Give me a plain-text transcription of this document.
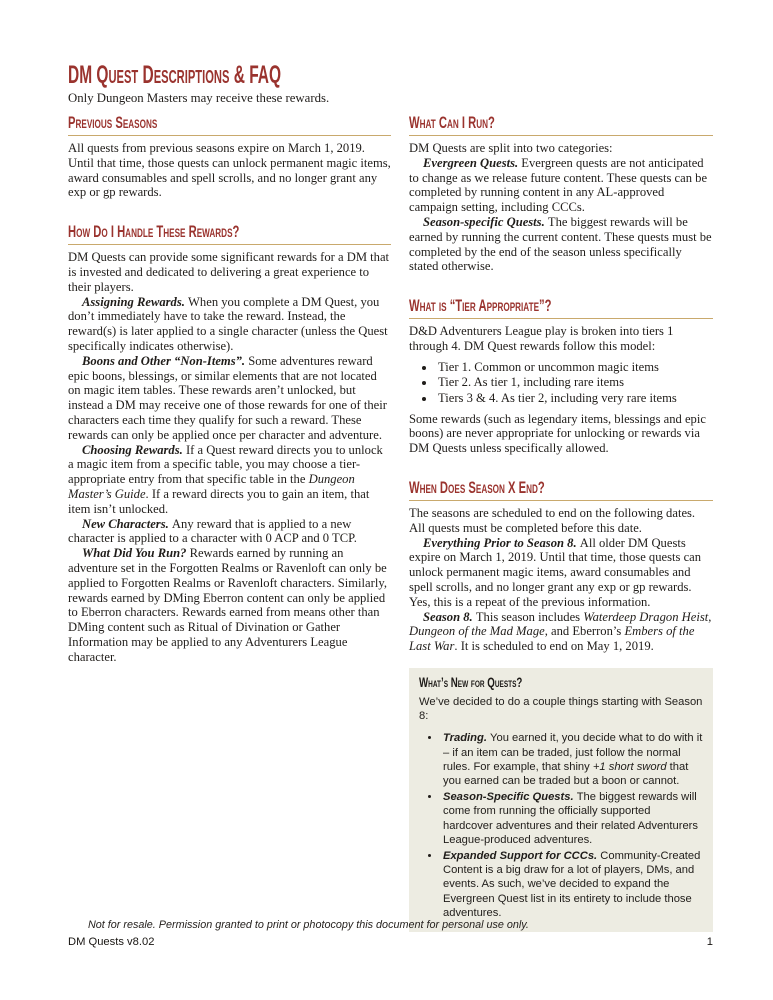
DM Quest Descriptions & FAQ

Only Dungeon Masters may receive these rewards.

Previous Seasons

All quests from previous seasons expire on March 1, 2019. Until that time, those quests can unlock permanent magic items, award consumables and spell scrolls, and no longer grant any exp or gp rewards.

How Do I Handle These Rewards?

DM Quests can provide some significant rewards for a DM that is invested and dedicated to delivering a great experience to their players.

Assigning Rewards. When you complete a DM Quest, you don’t immediately have to take the reward. Instead, the reward(s) is later applied to a single character (unless the Quest specifically indicates otherwise).

Boons and Other “Non-Items”. Some adventures reward epic boons, blessings, or similar elements that are not located on magic item tables. These rewards aren’t unlocked, but instead a DM may receive one of those rewards for one of their characters each time they qualify for such a reward. These rewards can only be applied once per character and adventure.

Choosing Rewards. If a Quest reward directs you to unlock a magic item from a specific table, you may choose a tier-appropriate entry from that specific table in the Dungeon Master’s Guide. If a reward directs you to gain an item, that item isn’t unlocked.

New Characters. Any reward that is applied to a new character is applied to a character with 0 ACP and 0 TCP.

What Did You Run? Rewards earned by running an adventure set in the Forgotten Realms or Ravenloft can only be applied to Forgotten Realms or Ravenloft characters. Similarly, rewards earned by DMing Eberron content can only be applied to Eberron characters. Rewards earned from means other than DMing content such as Ritual of Divination or Gather Information may be applied to any Adventurers League character.

What Can I Run?

DM Quests are split into two categories:

Evergreen Quests. Evergreen quests are not anticipated to change as we release future content. These quests can be completed by running content in any AL-approved campaign setting, including CCCs.

Season-specific Quests. The biggest rewards will be earned by running the current content. These quests must be completed by the end of the season unless specifically stated otherwise.

What is “Tier Appropriate”?

D&D Adventurers League play is broken into tiers 1 through 4. DM Quest rewards follow this model:

• Tier 1. Common or uncommon magic items
• Tier 2. As tier 1, including rare items
• Tiers 3 & 4. As tier 2, including very rare items

Some rewards (such as legendary items, blessings and epic boons) are never appropriate for unlocking or rewards via DM Quests unless specifically allowed.

When Does Season X End?

The seasons are scheduled to end on the following dates. All quests must be completed before this date.

Everything Prior to Season 8. All older DM Quests expire on March 1, 2019. Until that time, those quests can unlock permanent magic items, award consumables and spell scrolls, and no longer grant any exp or gp rewards. Yes, this is a repeat of the previous information.

Season 8. This season includes Waterdeep Dragon Heist, Dungeon of the Mad Mage, and Eberron’s Embers of the Last War. It is scheduled to end on May 1, 2019.

What’s New for Quests?

We’ve decided to do a couple things starting with Season 8:

• Trading. You earned it, you decide what to do with it – if an item can be traded, just follow the normal rules. For example, that shiny +1 short sword that you earned can be traded but a boon or cannot.
• Season-Specific Quests. The biggest rewards will come from running the officially supported hardcover adventures and their related Adventurers League-produced adventures.
• Expanded Support for CCCs. Community-Created Content is a big draw for a lot of players, DMs, and events. As such, we’ve decided to expand the Evergreen Quest list in its entirety to include those adventures.

Not for resale. Permission granted to print or photocopy this document for personal use only.

DM Quests v8.02	1
